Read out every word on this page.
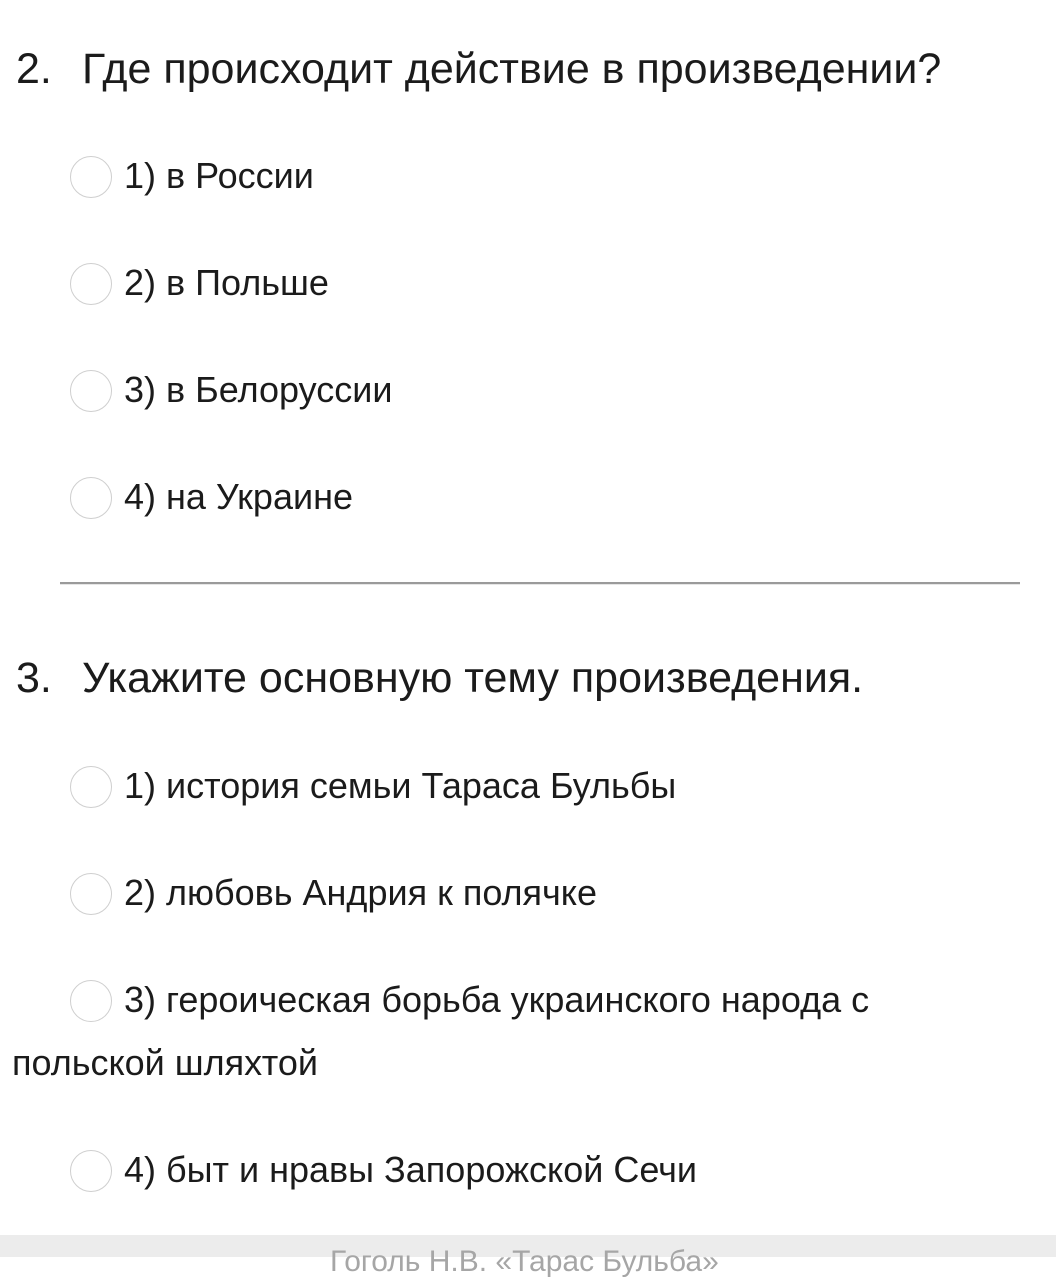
2. Где происходит действие в произведении?
1) в России
2) в Польше
3) в Белоруссии
4) на Украине
3. Укажите основную тему произведения.
1) история семьи Тараса Бульбы
2) любовь Андрия к полячке
3) героическая борьба украинского народа с
польской шляхтой
4) быт и нравы Запорожской Сечи
Гоголь Н.В. «Тарас Бульба»
